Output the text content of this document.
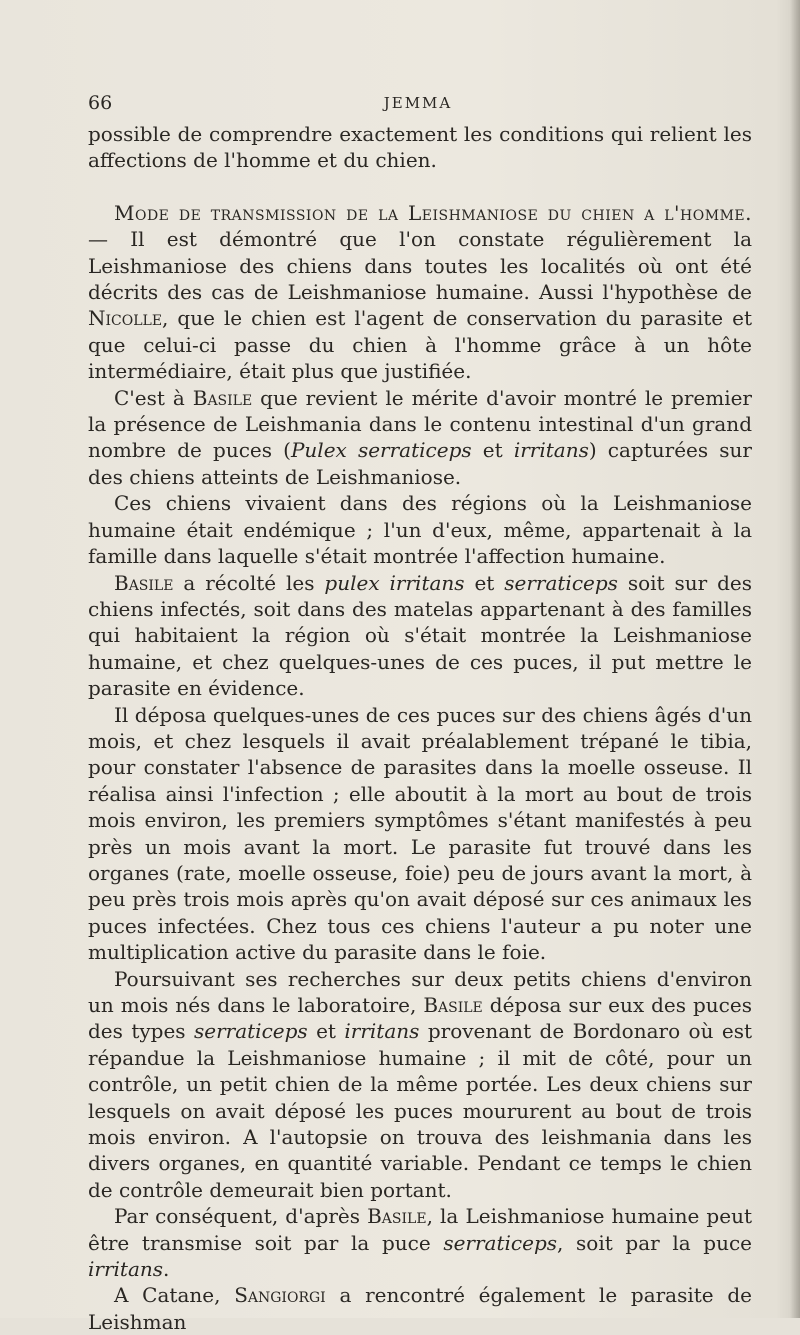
66	JEMMA

possible de comprendre exactement les conditions qui relient les affections de l'homme et du chien.

Mode de transmission de la Leishmaniose du chien a l'homme. — Il est démontré que l'on constate régulièrement la Leishmaniose des chiens dans toutes les localités où ont été décrits des cas de Leishmaniose humaine. Aussi l'hypothèse de Nicolle, que le chien est l'agent de conservation du parasite et que celui-ci passe du chien à l'homme grâce à un hôte intermédiaire, était plus que justifiée.

C'est à Basile que revient le mérite d'avoir montré le premier la présence de Leishmania dans le contenu intestinal d'un grand nombre de puces (Pulex serraticeps et irritans) capturées sur des chiens atteints de Leishmaniose.

Ces chiens vivaient dans des régions où la Leishmaniose humaine était endémique ; l'un d'eux, même, appartenait à la famille dans laquelle s'était montrée l'affection humaine.

Basile a récolté les pulex irritans et serraticeps soit sur des chiens infectés, soit dans des matelas appartenant à des familles qui habitaient la région où s'était montrée la Leishmaniose humaine, et chez quelques-unes de ces puces, il put mettre le parasite en évidence.

Il déposa quelques-unes de ces puces sur des chiens âgés d'un mois, et chez lesquels il avait préalablement trépané le tibia, pour constater l'absence de parasites dans la moelle osseuse. Il réalisa ainsi l'infection ; elle aboutit à la mort au bout de trois mois environ, les premiers symptômes s'étant manifestés à peu près un mois avant la mort. Le parasite fut trouvé dans les organes (rate, moelle osseuse, foie) peu de jours avant la mort, à peu près trois mois après qu'on avait déposé sur ces animaux les puces infectées. Chez tous ces chiens l'auteur a pu noter une multiplication active du parasite dans le foie.

Poursuivant ses recherches sur deux petits chiens d'environ un mois nés dans le laboratoire, Basile déposa sur eux des puces des types serraticeps et irritans provenant de Bordonaro où est répandue la Leishmaniose humaine ; il mit de côté, pour un contrôle, un petit chien de la même portée. Les deux chiens sur lesquels on avait déposé les puces moururent au bout de trois mois environ. A l'autopsie on trouva des leishmania dans les divers organes, en quantité variable. Pendant ce temps le chien de contrôle demeurait bien portant.

Par conséquent, d'après Basile, la Leishmaniose humaine peut être transmise soit par la puce serraticeps, soit par la puce irritans.

A Catane, Sangiorgi a rencontré également le parasite de Leishman
